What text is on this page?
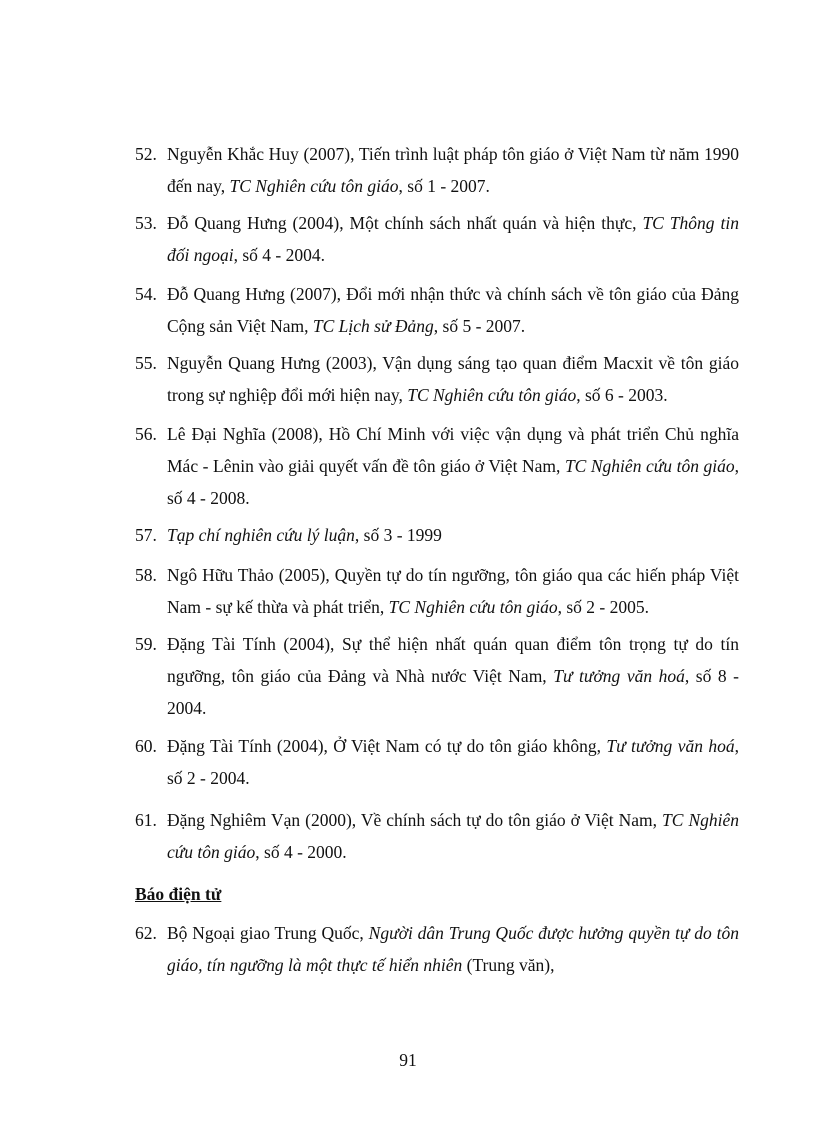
52. Nguyễn Khắc Huy (2007), Tiến trình luật pháp tôn giáo ở Việt Nam từ năm 1990 đến nay, TC Nghiên cứu tôn giáo, số 1 - 2007.
53. Đỗ Quang Hưng (2004), Một chính sách nhất quán và hiện thực, TC Thông tin đối ngoại, số 4 - 2004.
54. Đỗ Quang Hưng (2007), Đổi mới nhận thức và chính sách về tôn giáo của Đảng Cộng sản Việt Nam, TC Lịch sử Đảng, số 5 - 2007.
55. Nguyễn Quang Hưng (2003), Vận dụng sáng tạo quan điểm Macxit về tôn giáo trong sự nghiệp đổi mới hiện nay, TC Nghiên cứu tôn giáo, số 6 - 2003.
56. Lê Đại Nghĩa (2008), Hồ Chí Minh với việc vận dụng và phát triển Chủ nghĩa Mác - Lênin vào giải quyết vấn đề tôn giáo ở Việt Nam, TC Nghiên cứu tôn giáo, số 4 - 2008.
57. Tạp chí nghiên cứu lý luận, số 3 - 1999
58. Ngô Hữu Thảo (2005), Quyền tự do tín ngưỡng, tôn giáo qua các hiến pháp Việt Nam - sự kế thừa và phát triển, TC Nghiên cứu tôn giáo, số 2 - 2005.
59. Đặng Tài Tính (2004), Sự thể hiện nhất quán quan điểm tôn trọng tự do tín ngưỡng, tôn giáo của Đảng và Nhà nước Việt Nam, Tư tưởng văn hoá, số 8 - 2004.
60. Đặng Tài Tính (2004), Ở Việt Nam có tự do tôn giáo không, Tư tưởng văn hoá, số 2 - 2004.
61. Đặng Nghiêm Vạn (2000), Về chính sách tự do tôn giáo ở Việt Nam, TC Nghiên cứu tôn giáo, số 4 - 2000.
Báo điện tử
62. Bộ Ngoại giao Trung Quốc, Người dân Trung Quốc được hưởng quyền tự do tôn giáo, tín ngưỡng là một thực tế hiển nhiên (Trung văn),
91
